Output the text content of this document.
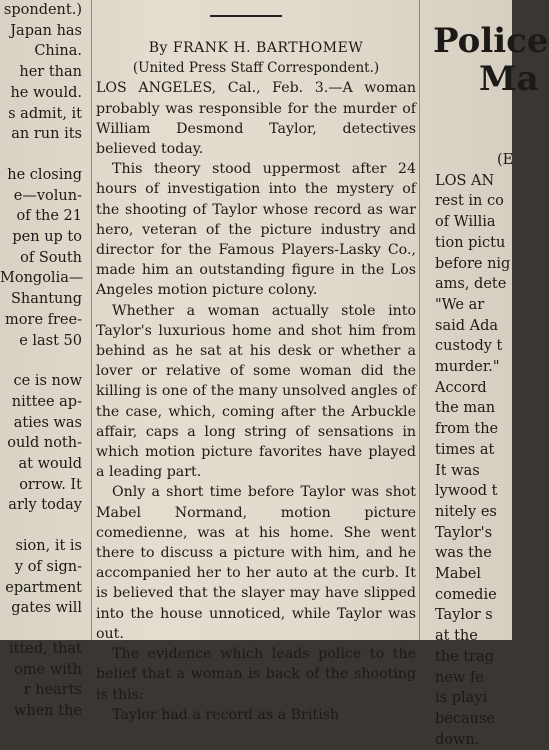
spondent.)
Japan has
China.
her than
he would.
s admit, it
an run its
he closing
e—volun-
of the 21
pen up to
of South
Mongolia—
Shantung
more free-
e last 50
ce is now
nittee ap-
aties was
ould noth-
at would
orrow. It
arly today
sion, it is
y of sign-
epartment
gates will
itted, that
ome with
r hearts
when the
By FRANK H. BARTHOMEW
(United Press Staff Correspondent.)

LOS ANGELES, Cal., Feb. 3.—A woman probably was responsible for the murder of William Desmond Taylor, detectives believed today.

This theory stood uppermost after 24 hours of investigation into the mystery of the shooting of Taylor whose record as war hero, veteran of the picture industry and director for the Famous Players-Lasky Co., made him an outstanding figure in the Los Angeles motion picture colony.

Whether a woman actually stole into Taylor's luxurious home and shot him from behind as he sat at his desk or whether a lover or relative of some woman did the killing is one of the many unsolved angles of the case, which, coming after the Arbuckle affair, caps a long string of sensations in which motion picture favorites have played a leading part.

Only a short time before Taylor was shot Mabel Normand, motion picture comedienne, was at his home. She went there to discuss a picture with him, and he accompanied her to her auto at the curb. It is believed that the slayer may have slipped into the house unnoticed, while Taylor was out.

The evidence which leads police to the belief that a woman is back of the shooting is this:

Taylor had a record as a British

Police
Ma
(E
LOS AN
rest in co
of Willia
tion pictu
before nig
ams, dete
"We ar
said Ada
custody t
murder."
Accord
the man
from the
times at
It was
lywood t
nitely es
Taylor's
was the
Mabel
comedie
Taylor s
at the
the trag
new fe
is playi
because
down.
